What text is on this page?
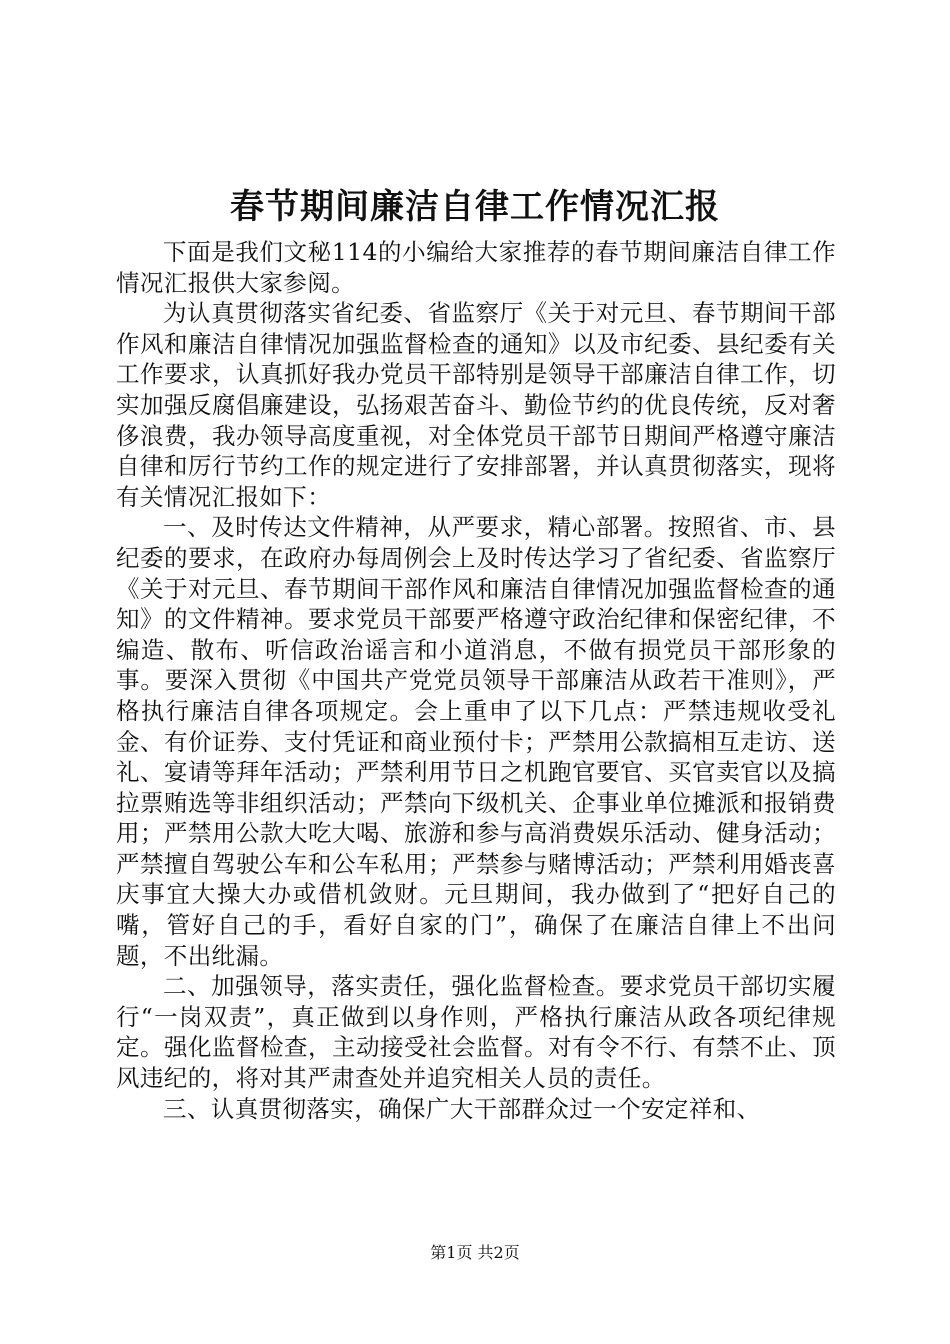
春节期间廉洁自律工作情况汇报

下面是我们文秘114的小编给大家推荐的春节期间廉洁自律工作情况汇报供大家参阅。

为认真贯彻落实省纪委、省监察厅《关于对元旦、春节期间干部作风和廉洁自律情况加强监督检查的通知》以及市纪委、县纪委有关工作要求，认真抓好我办党员干部特别是领导干部廉洁自律工作，切实加强反腐倡廉建设，弘扬艰苦奋斗、勤俭节约的优良传统，反对奢侈浪费，我办领导高度重视，对全体党员干部节日期间严格遵守廉洁自律和厉行节约工作的规定进行了安排部署，并认真贯彻落实，现将有关情况汇报如下：

一、及时传达文件精神，从严要求，精心部署。按照省、市、县纪委的要求，在政府办每周例会上及时传达学习了省纪委、省监察厅《关于对元旦、春节期间干部作风和廉洁自律情况加强监督检查的通知》的文件精神。要求党员干部要严格遵守政治纪律和保密纪律，不编造、散布、听信政治谣言和小道消息，不做有损党员干部形象的事。要深入贯彻《中国共产党党员领导干部廉洁从政若干准则》，严格执行廉洁自律各项规定。会上重申了以下几点：严禁违规收受礼金、有价证券、支付凭证和商业预付卡；严禁用公款搞相互走访、送礼、宴请等拜年活动；严禁利用节日之机跑官要官、买官卖官以及搞拉票贿选等非组织活动；严禁向下级机关、企事业单位摊派和报销费用；严禁用公款大吃大喝、旅游和参与高消费娱乐活动、健身活动；严禁擅自驾驶公车和公车私用；严禁参与赌博活动；严禁利用婚丧喜庆事宜大操大办或借机敛财。元旦期间，我办做到了“把好自己的嘴，管好自己的手，看好自家的门”，确保了在廉洁自律上不出问题，不出纰漏。

二、加强领导，落实责任，强化监督检查。要求党员干部切实履行“一岗双责”，真正做到以身作则，严格执行廉洁从政各项纪律规定。强化监督检查，主动接受社会监督。对有令不行、有禁不止、顶风违纪的，将对其严肃查处并追究相关人员的责任。

三、认真贯彻落实，确保广大干部群众过一个安定祥和、

第1页 共2页
